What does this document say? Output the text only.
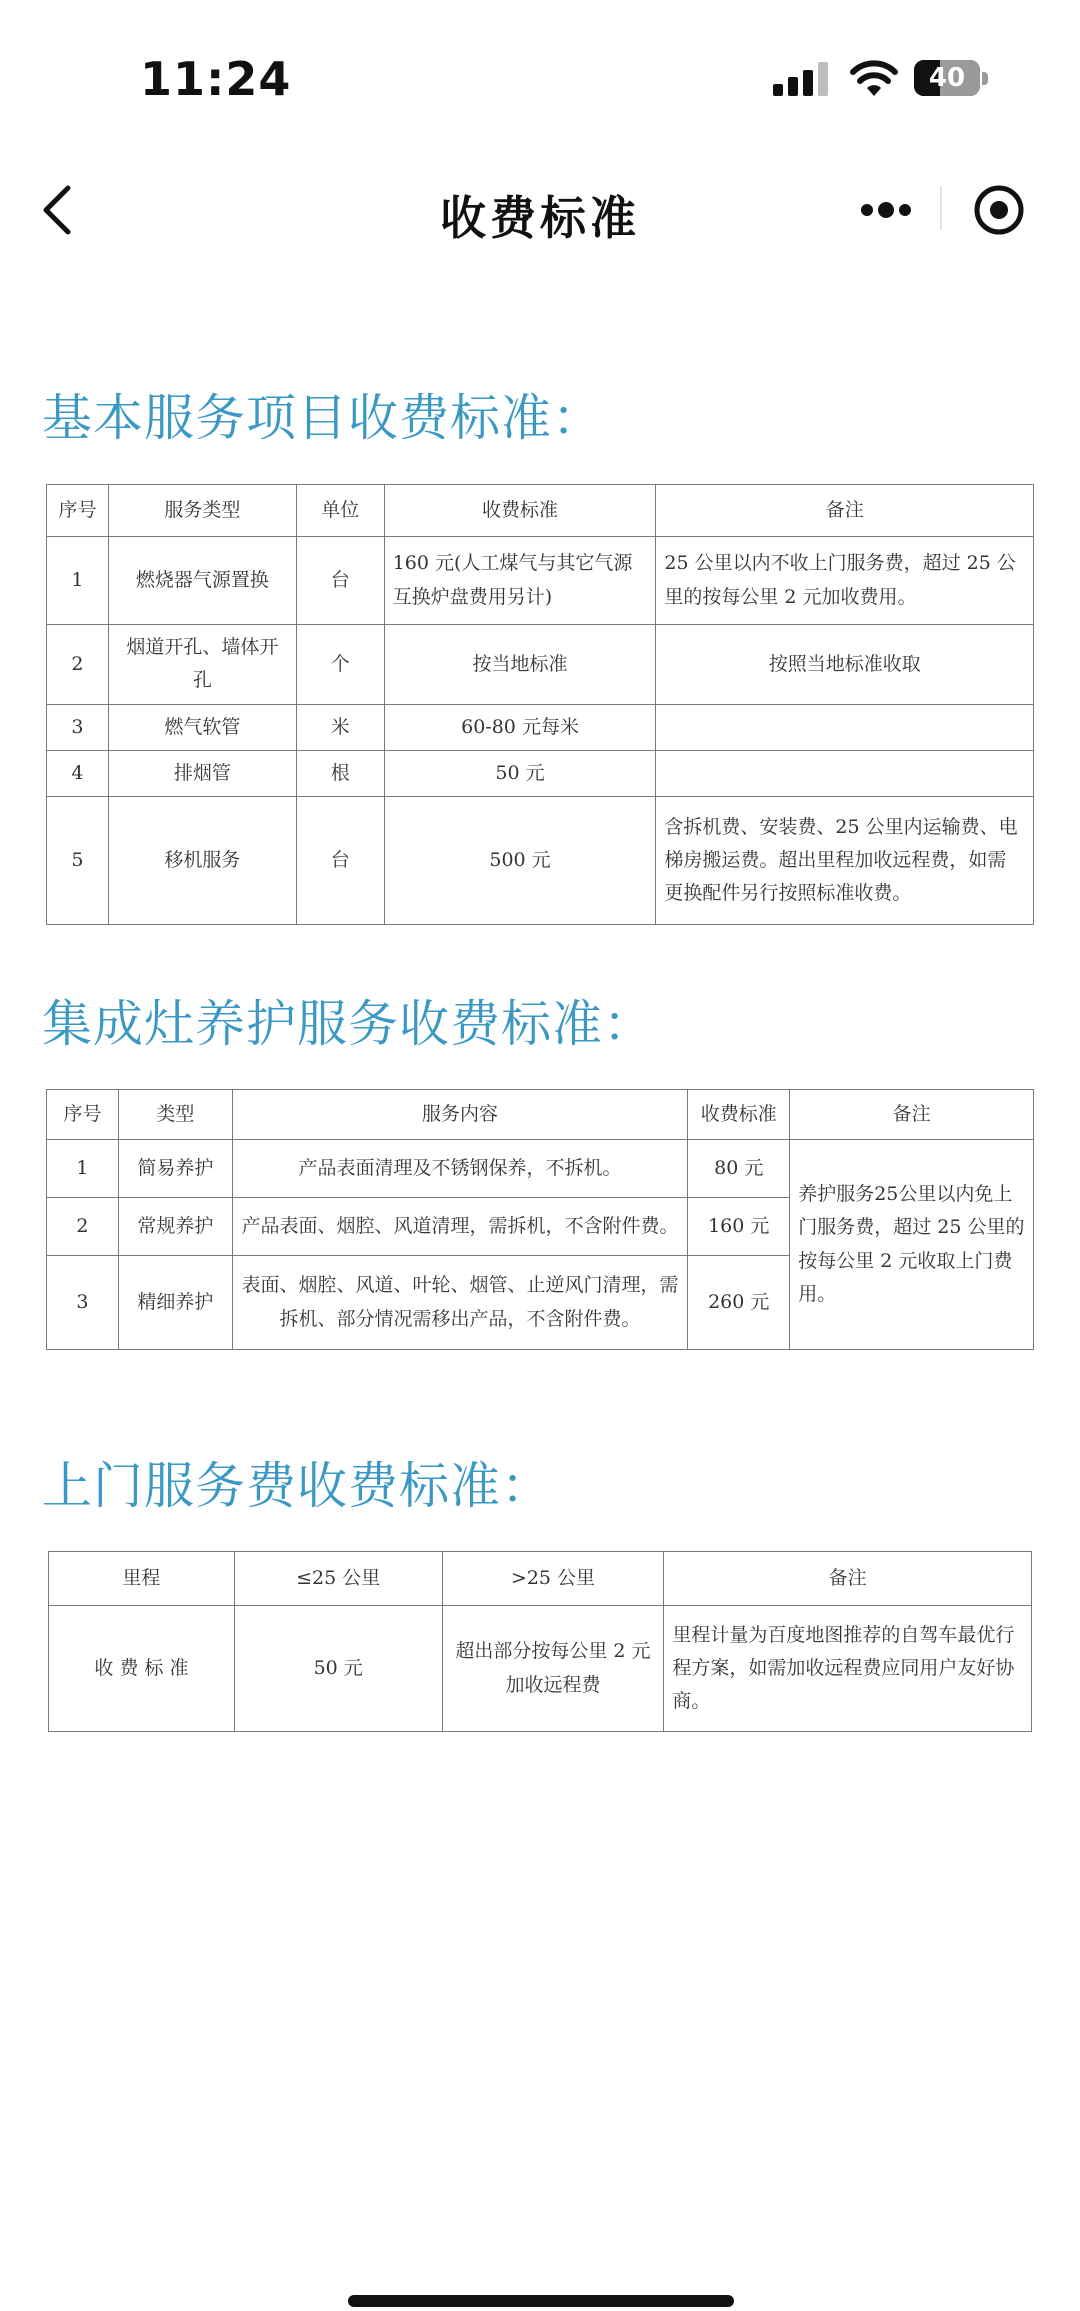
11:24	40
收费标准
基本服务项目收费标准：
序号	服务类型	单位	收费标准	备注
1	燃烧器气源置换	台	160 元(人工煤气与其它气源互换炉盘费用另计)	25 公里以内不收上门服务费，超过 25 公里的按每公里 2 元加收费用。
2	烟道开孔、墙体开孔	个	按当地标准	按照当地标准收取
3	燃气软管	米	60-80 元每米	
4	排烟管	根	50 元	
5	移机服务	台	500 元	含拆机费、安装费、25 公里内运输费、电梯房搬运费。超出里程加收远程费，如需更换配件另行按照标准收费。
集成灶养护服务收费标准：
序号	类型	服务内容	收费标准	备注
1	简易养护	产品表面清理及不锈钢保养，不拆机。	80 元	养护服务25公里以内免上门服务费，超过 25 公里的按每公里 2 元收取上门费用。
2	常规养护	产品表面、烟腔、风道清理，需拆机，不含附件费。	160 元	
3	精细养护	表面、烟腔、风道、叶轮、烟管、止逆风门清理，需拆机、部分情况需移出产品，不含附件费。	260 元	
上门服务费收费标准：
里程	≤25 公里	>25 公里	备注
收 费 标 准	50 元	超出部分按每公里 2 元加收远程费	里程计量为百度地图推荐的自驾车最优行程方案，如需加收远程费应同用户友好协商。
